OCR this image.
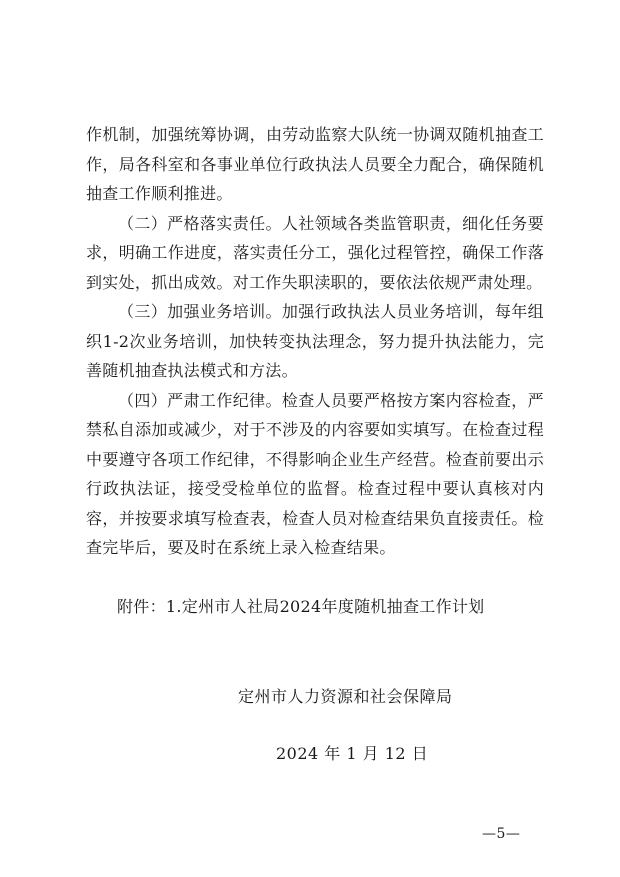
作机制，加强统筹协调，由劳动监察大队统一协调双随机抽查工作，局各科室和各事业单位行政执法人员要全力配合，确保随机抽查工作顺利推进。

（二）严格落实责任。人社领域各类监管职责，细化任务要求，明确工作进度，落实责任分工，强化过程管控，确保工作落到实处，抓出成效。对工作失职渎职的，要依法依规严肃处理。

（三）加强业务培训。加强行政执法人员业务培训，每年组织1-2次业务培训，加快转变执法理念，努力提升执法能力，完善随机抽查执法模式和方法。

（四）严肃工作纪律。检查人员要严格按方案内容检查，严禁私自添加或减少，对于不涉及的内容要如实填写。在检查过程中要遵守各项工作纪律，不得影响企业生产经营。检查前要出示行政执法证，接受受检单位的监督。检查过程中要认真核对内容，并按要求填写检查表，检查人员对检查结果负直接责任。检查完毕后，要及时在系统上录入检查结果。

附件：1.定州市人社局2024年度随机抽查工作计划
定州市人力资源和社会保障局
2024 年 1 月 12 日
—5—
